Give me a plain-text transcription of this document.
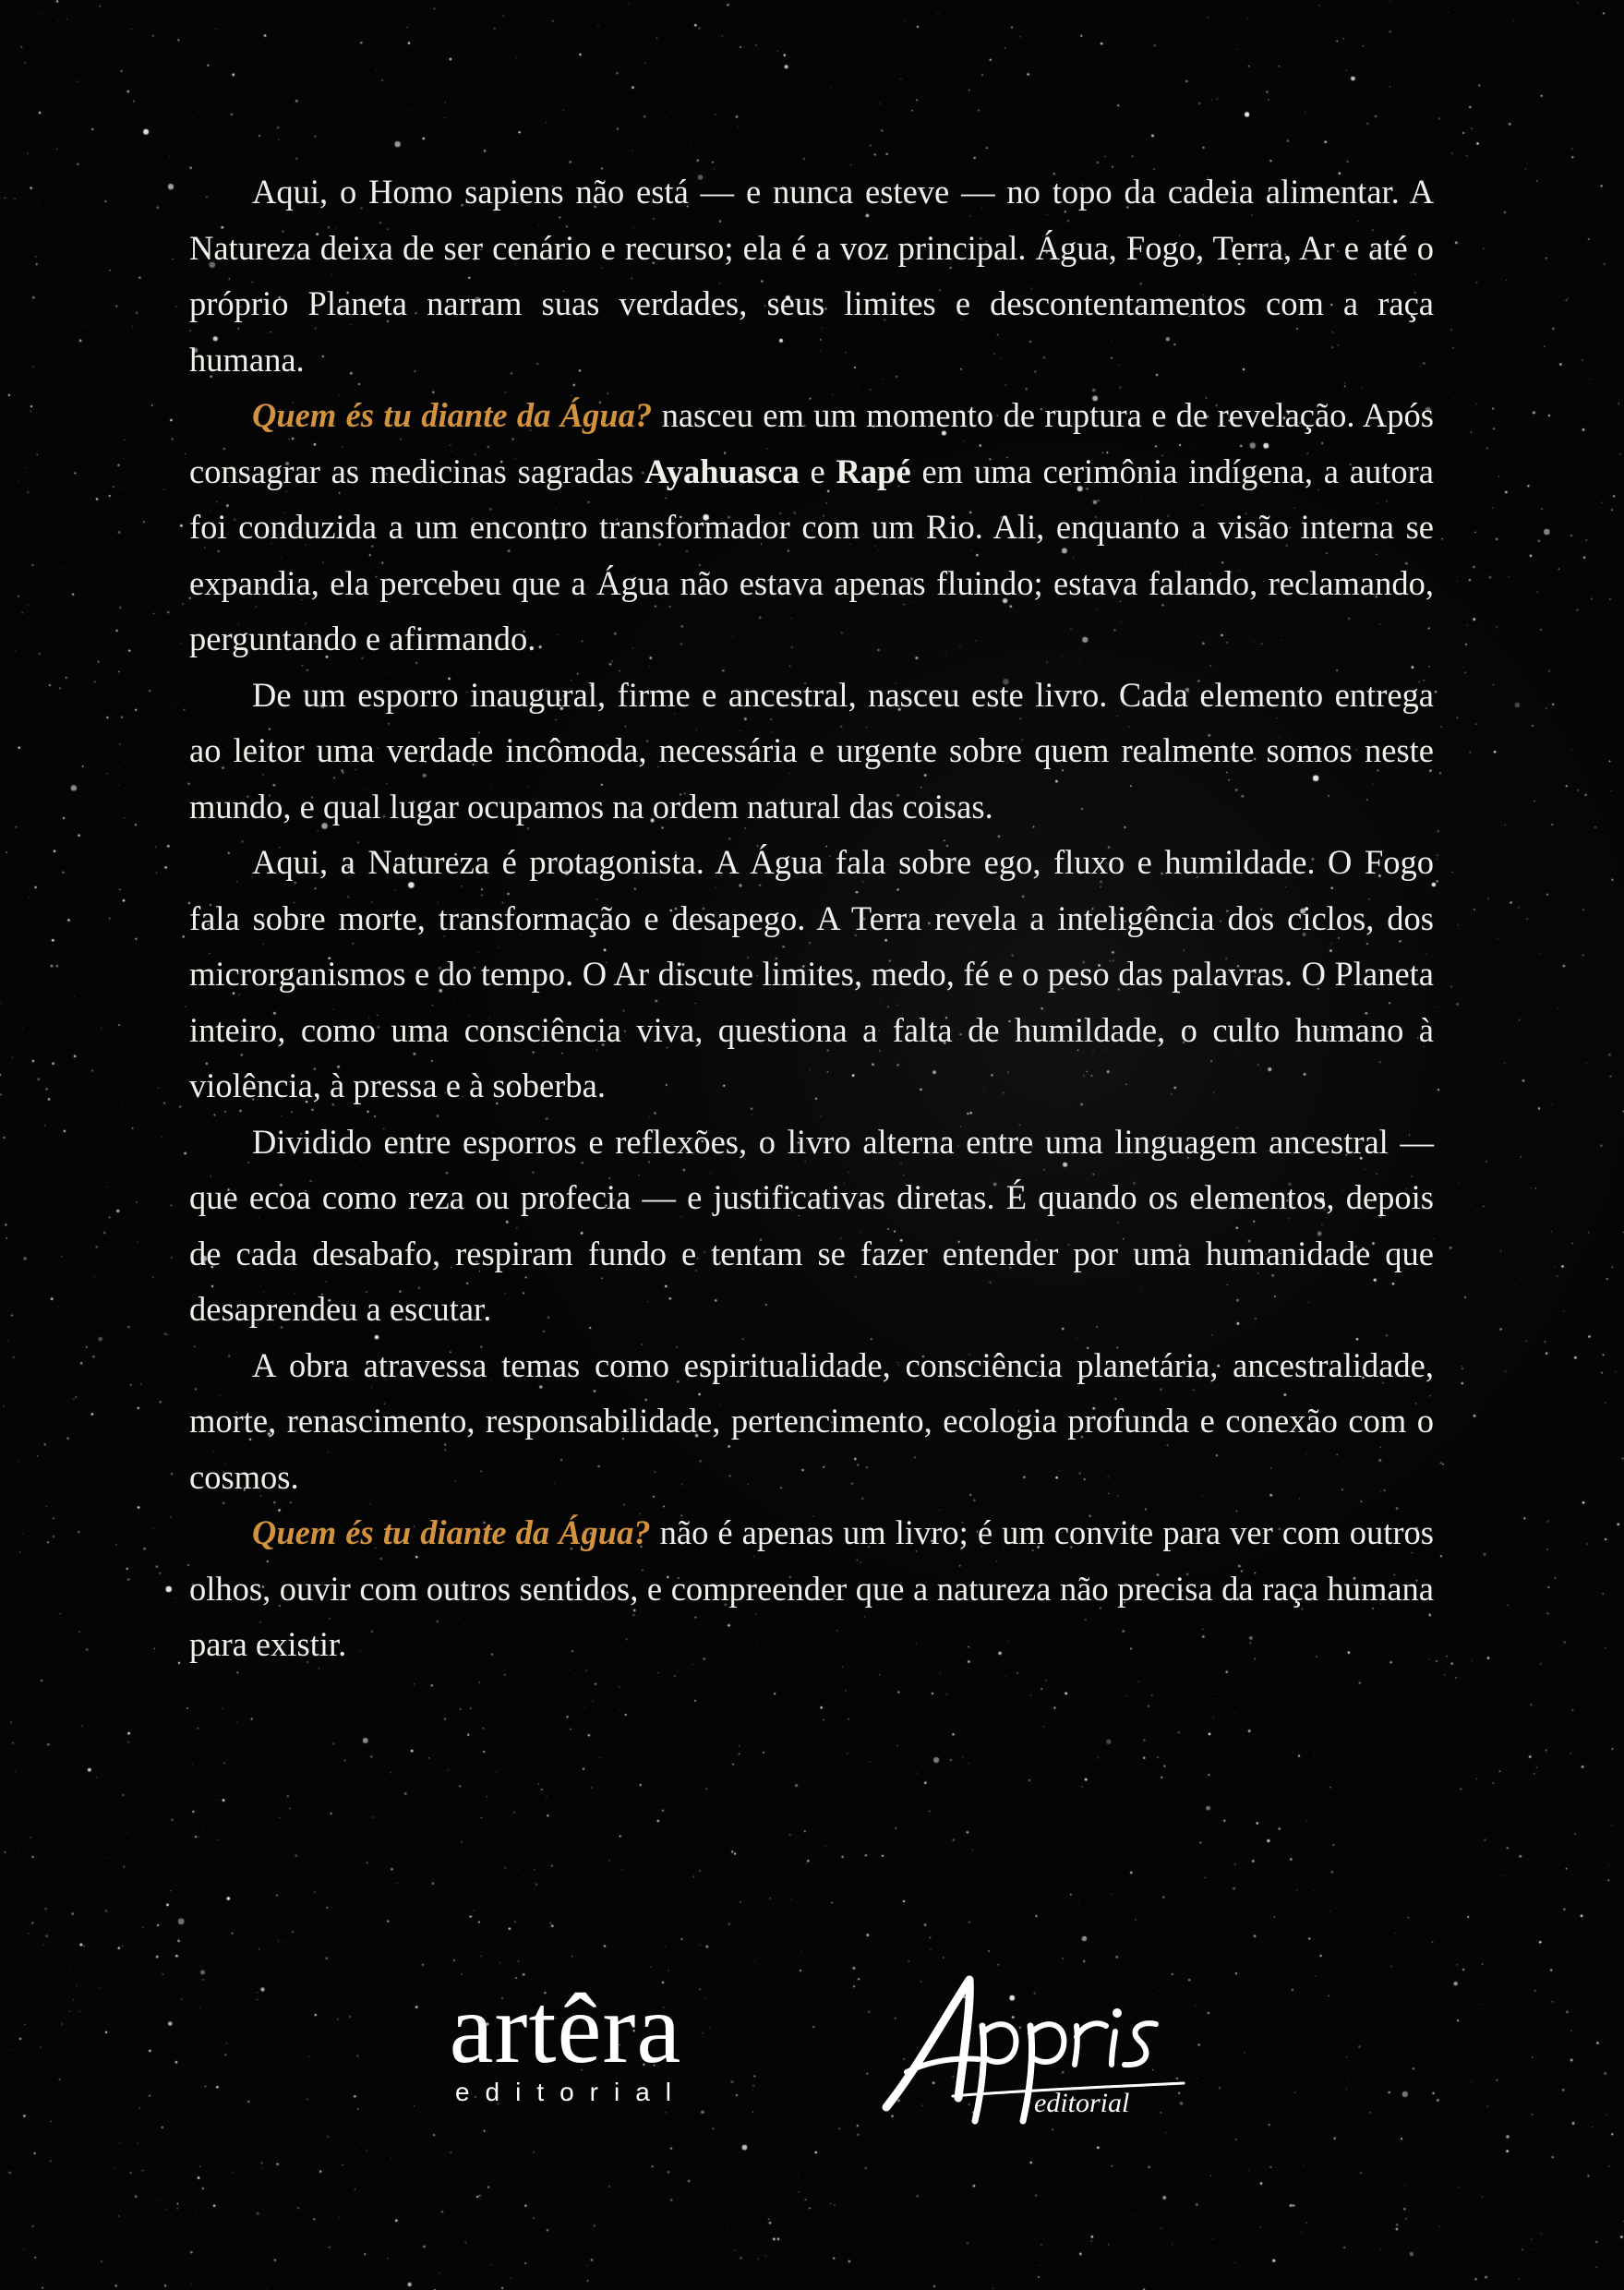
Aqui, o Homo sapiens não está — e nunca esteve — no topo da cadeia alimentar. A Natureza deixa de ser cenário e recurso; ela é a voz principal. Água, Fogo, Terra, Ar e até o próprio Planeta narram suas verdades, seus limites e descontentamentos com a raça humana.

Quem és tu diante da Água? nasceu em um momento de ruptura e de revelação. Após consagrar as medicinas sagradas Ayahuasca e Rapé em uma cerimônia indígena, a autora foi conduzida a um encontro transformador com um Rio. Ali, enquanto a visão interna se expandia, ela percebeu que a Água não estava apenas fluindo; estava falando, reclamando, perguntando e afirmando.

De um esporro inaugural, firme e ancestral, nasceu este livro. Cada elemento entrega ao leitor uma verdade incômoda, necessária e urgente sobre quem realmente somos neste mundo, e qual lugar ocupamos na ordem natural das coisas.

Aqui, a Natureza é protagonista. A Água fala sobre ego, fluxo e humildade. O Fogo fala sobre morte, transformação e desapego. A Terra revela a inteligência dos ciclos, dos microrganismos e do tempo. O Ar discute limites, medo, fé e o peso das palavras. O Planeta inteiro, como uma consciência viva, questiona a falta de humildade, o culto humano à violência, à pressa e à soberba.

Dividido entre esporros e reflexões, o livro alterna entre uma linguagem ancestral — que ecoa como reza ou profecia — e justificativas diretas. É quando os elementos, depois de cada desabafo, respiram fundo e tentam se fazer entender por uma humanidade que desaprendeu a escutar.

A obra atravessa temas como espiritualidade, consciência planetária, ancestralidade, morte, renascimento, responsabilidade, pertencimento, ecologia profunda e conexão com o cosmos.

Quem és tu diante da Água? não é apenas um livro; é um convite para ver com outros olhos, ouvir com outros sentidos, e compreender que a natureza não precisa da raça humana para existir.

artêra
editorial	editorial
